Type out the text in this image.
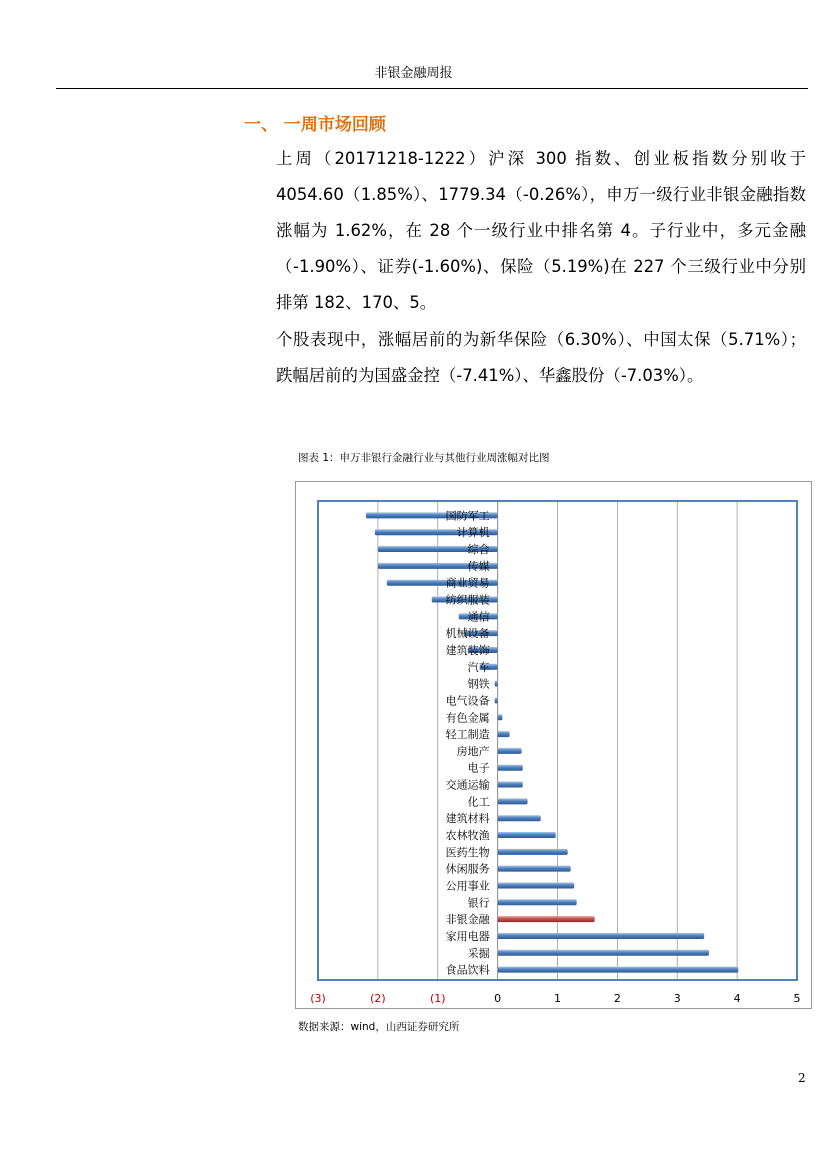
非银金融周报
一、 一周市场回顾
上周（20171218-1222）沪深 300 指数、创业板指数分别收于 4054.60（1.85%）、1779.34（-0.26%），申万一级行业非银金融指数涨幅为 1.62%，在 28 个一级行业中排名第 4。子行业中，多元金融（-1.90%）、证券(-1.60%)、保险（5.19%)在 227 个三级行业中分别排第 182、170、5。
个股表现中，涨幅居前的为新华保险（6.30%）、中国太保（5.71%）；跌幅居前的为国盛金控（-7.41%）、华鑫股份（-7.03%）。
图表 1：申万非银行金融行业与其他行业周涨幅对比图
国防军工
计算机
综合
传媒
商业贸易
纺织服装
通信
机械设备
建筑装饰
汽车
钢铁
电气设备
有色金属
轻工制造
房地产
电子
交通运输
化工
建筑材料
农林牧渔
医药生物
休闲服务
公用事业
银行
非银金融
家用电器
采掘
食品饮料
(3)	(2)	(1)	0	1	2	3	4	5
数据来源：wind，山西证券研究所
2
